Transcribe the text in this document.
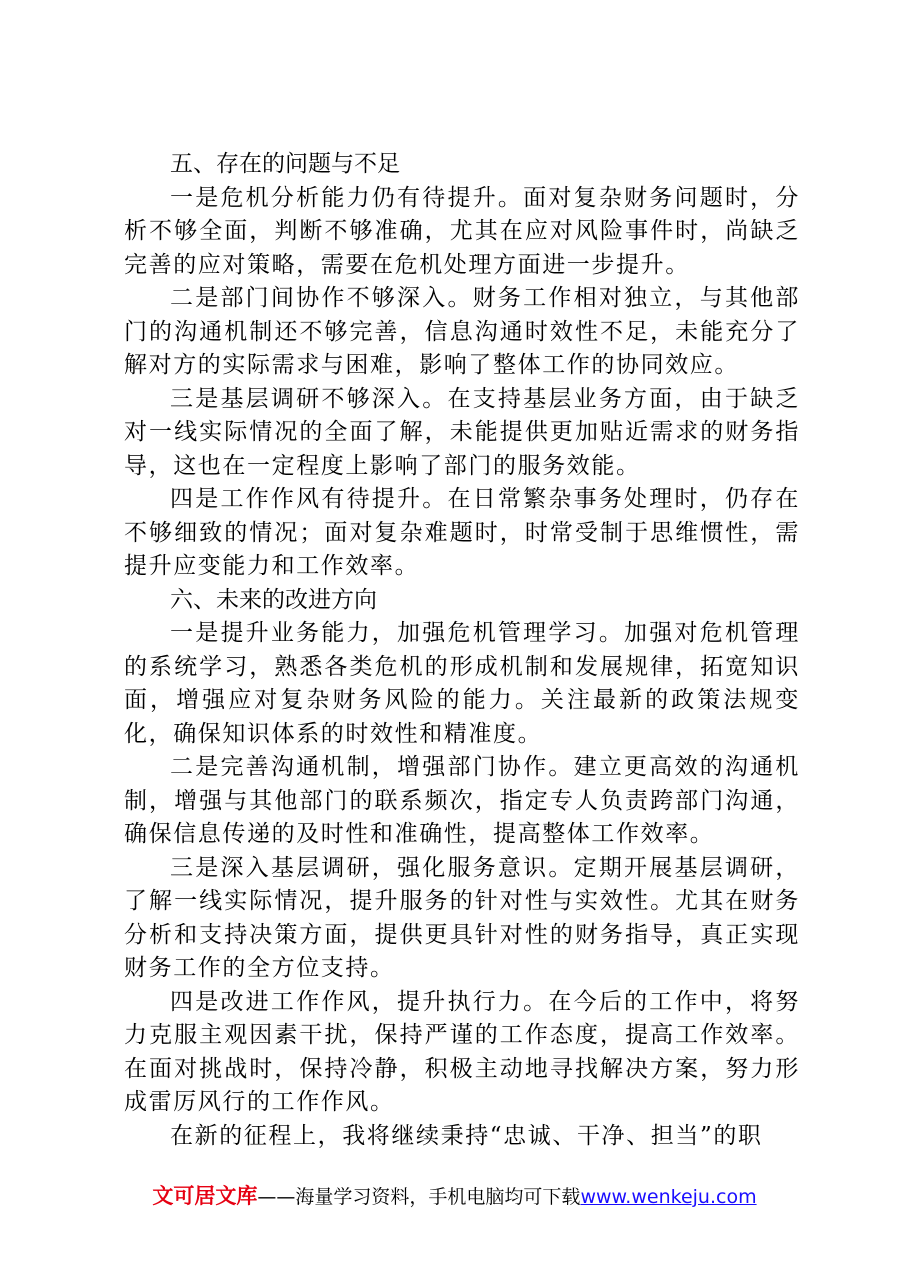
五、存在的问题与不足

一是危机分析能力仍有待提升。面对复杂财务问题时，分析不够全面，判断不够准确，尤其在应对风险事件时，尚缺乏完善的应对策略，需要在危机处理方面进一步提升。

二是部门间协作不够深入。财务工作相对独立，与其他部门的沟通机制还不够完善，信息沟通时效性不足，未能充分了解对方的实际需求与困难，影响了整体工作的协同效应。

三是基层调研不够深入。在支持基层业务方面，由于缺乏对一线实际情况的全面了解，未能提供更加贴近需求的财务指导，这也在一定程度上影响了部门的服务效能。

四是工作作风有待提升。在日常繁杂事务处理时，仍存在不够细致的情况；面对复杂难题时，时常受制于思维惯性，需提升应变能力和工作效率。

六、未来的改进方向

一是提升业务能力，加强危机管理学习。加强对危机管理的系统学习，熟悉各类危机的形成机制和发展规律，拓宽知识面，增强应对复杂财务风险的能力。关注最新的政策法规变化，确保知识体系的时效性和精准度。

二是完善沟通机制，增强部门协作。建立更高效的沟通机制，增强与其他部门的联系频次，指定专人负责跨部门沟通，确保信息传递的及时性和准确性，提高整体工作效率。

三是深入基层调研，强化服务意识。定期开展基层调研，了解一线实际情况，提升服务的针对性与实效性。尤其在财务分析和支持决策方面，提供更具针对性的财务指导，真正实现财务工作的全方位支持。

四是改进工作作风，提升执行力。在今后的工作中，将努力克服主观因素干扰，保持严谨的工作态度，提高工作效率。在面对挑战时，保持冷静，积极主动地寻找解决方案，努力形成雷厉风行的工作作风。

在新的征程上，我将继续秉持“忠诚、干净、担当”的职

文可居文库——海量学习资料，手机电脑均可下载www.wenkeju.com
